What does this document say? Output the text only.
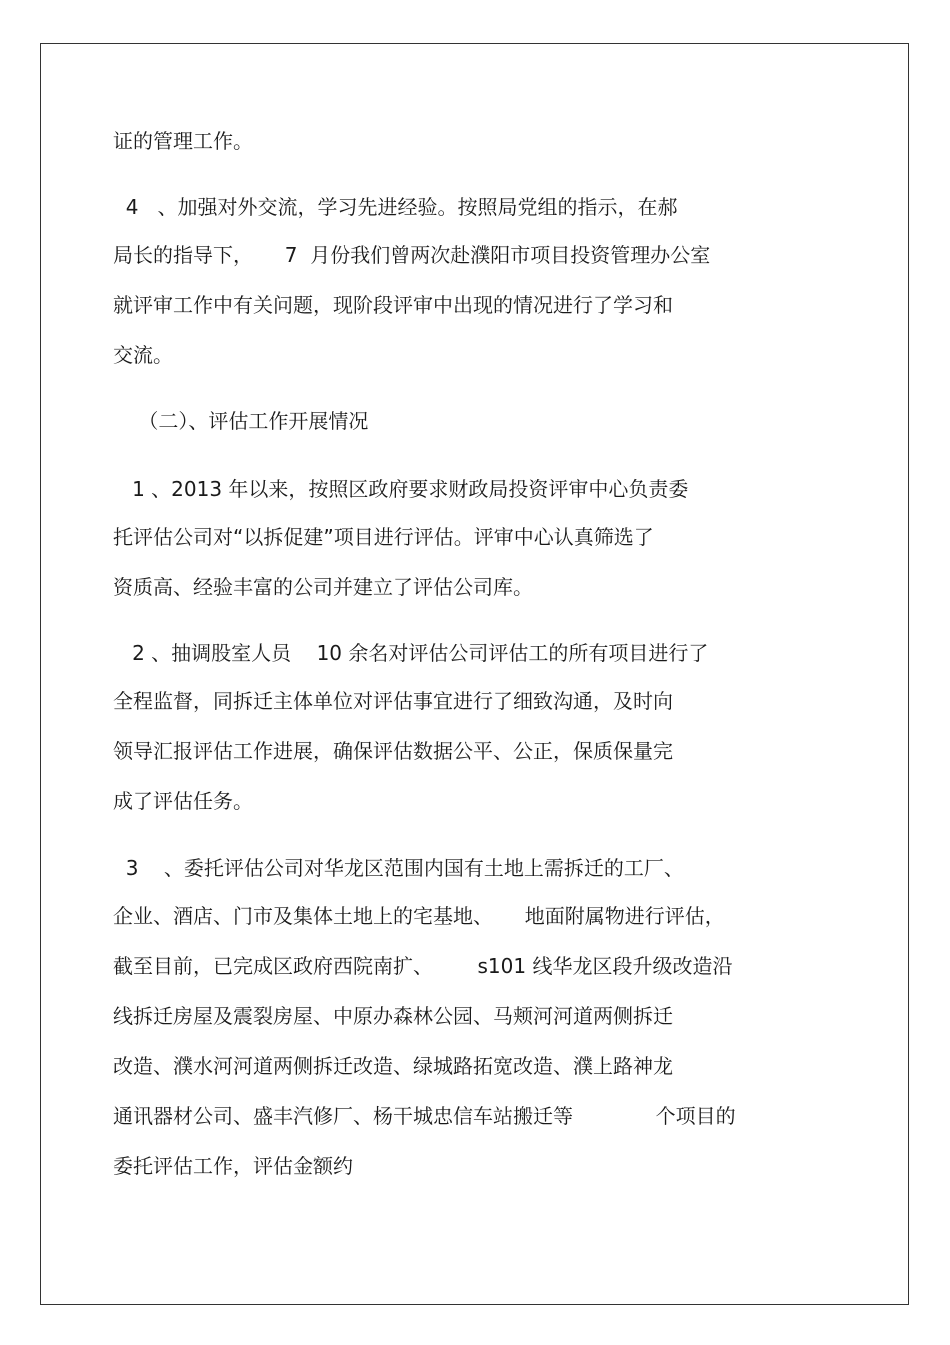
证的管理工作。

4   、加强对外交流，学习先进经验。按照局党组的指示，在郝

局长的指导下，     7  月份我们曾两次赴濮阳市项目投资管理办公室

就评审工作中有关问题，现阶段评审中出现的情况进行了学习和

交流。

（二）、评估工作开展情况

1 、2013 年以来，按照区政府要求财政局投资评审中心负责委

托评估公司对“以拆促建”项目进行评估。评审中心认真筛选了

资质高、经验丰富的公司并建立了评估公司库。

2 、抽调股室人员    10 余名对评估公司评估工的所有项目进行了

全程监督，同拆迁主体单位对评估事宜进行了细致沟通，及时向

领导汇报评估工作进展，确保评估数据公平、公正，保质保量完

成了评估任务。

3    、委托评估公司对华龙区范围内国有土地上需拆迁的工厂、

企业、酒店、门市及集体土地上的宅基地、     地面附属物进行评估，

截至目前，已完成区政府西院南扩、       s101 线华龙区段升级改造沿

线拆迁房屋及震裂房屋、中原办森林公园、马颊河河道两侧拆迁

改造、濮水河河道两侧拆迁改造、绿城路拓宽改造、濮上路神龙

通讯器材公司、盛丰汽修厂、杨干城忠信车站搬迁等             个项目的

委托评估工作，评估金额约
